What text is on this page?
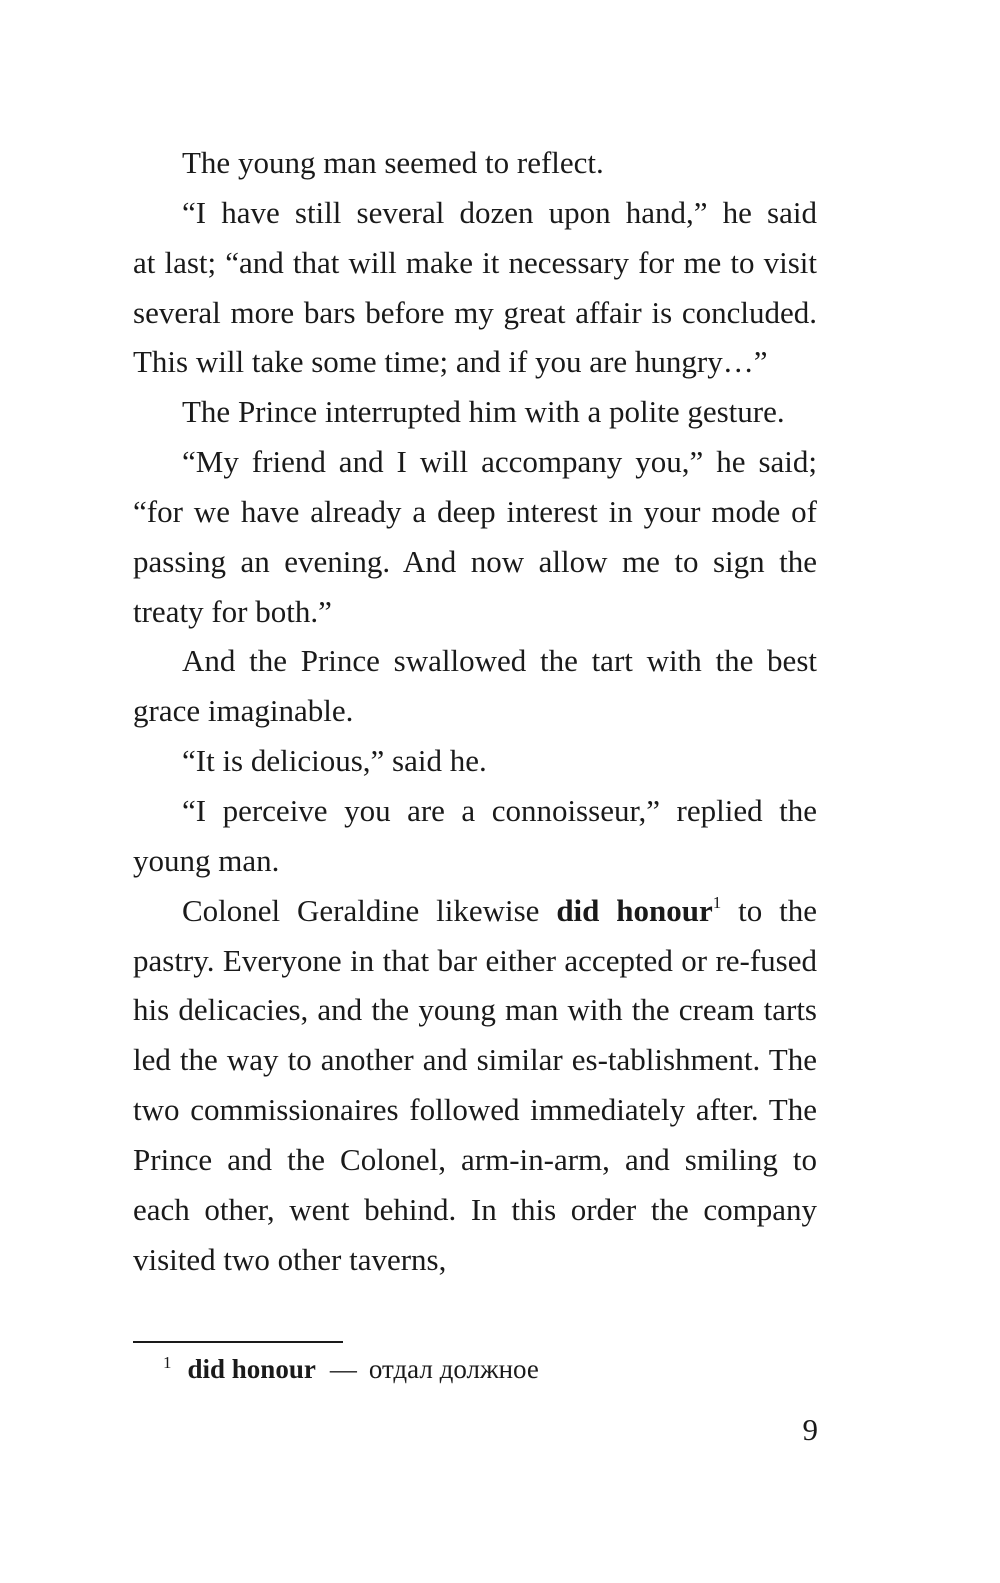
The young man seemed to reflect.

“I have still several dozen upon hand,” he said
at last; “and that will make it necessary for me to visit several more bars before my great affair is concluded. This will take some time; and if you are hungry…”

The Prince interrupted him with a polite gesture.

“My friend and I will accompany you,” he said;
“for we have already a deep interest in your mode of passing an evening. And now allow me to sign the treaty for both.”

And the Prince swallowed the tart with the best grace imaginable.

“It is delicious,” said he.

“I perceive you are a connoisseur,” replied the
young man.

Colonel Geraldine likewise did honour$^1$ to the
pastry. Everyone in that bar either accepted or re-fused his delicacies, and the young man with the cream tarts led the way to another and similar es-tablishment. The two commissionaires followed immediately after. The Prince and the Colonel, arm-in-arm, and smiling to each other, went behind. In this order the company visited two other taverns,

$^1$ did honour — отдал должное
9
